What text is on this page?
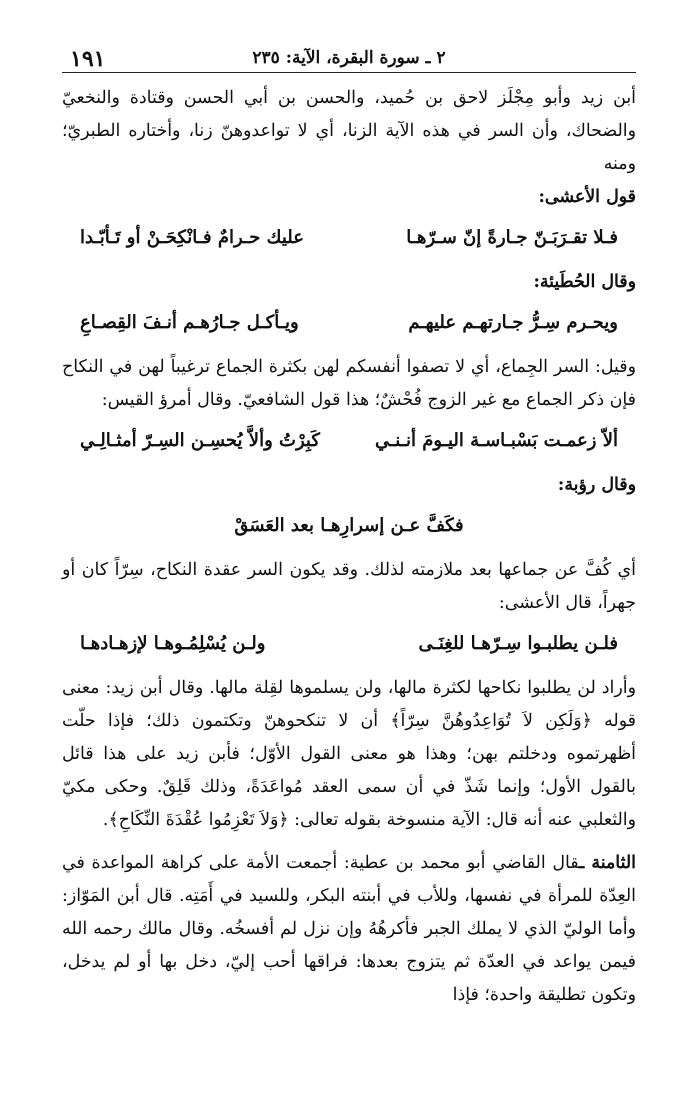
٢ ـ سورة البقرة، الآية: ٢٣٥
١٩١

أبن زيد وأبو مِجْلَز لاحق بن حُميد، والحسن بن أبي الحسن وقتادة والنخعيّ والضحاك، وأن السر في هذه الآية الزنا، أي لا تواعدوهنّ زنا، وأختاره الطبريّ؛ ومنه

قول الأعشى:

فـلا تقـرَبَـنّ جـارةً إنّ سـرّهـا
عليك حـرامٌ فـانْكِحَـنْ أو تَـأبّـدا

وقال الحُطَيئة:

ويحـرم سِـرُّ جـارتهـم عليهـم
ويـأكـل جـارُهـم أنـفَ القِصـاعِ

وقيل: السر الجِماع، أي لا تصفوا أنفسكم لهن بكثرة الجماع ترغيباً لهن في النكاح فإن ذكر الجماع مع غير الزوج فُحْشٌ؛ هذا قول الشافعيّ. وقال أمرؤ القيس:

ألاّ زعمـت بَسْبـاسـة اليـومَ أنـنـي
كَبِرْتُ وألاَّ يُحسِـن السِـرّ أمثـالِـي

وقال رؤبة:

فكَفَّ عـن إسرارِهـا بعد العَسَقْ

أي كُفَّ عن جماعها بعد ملازمته لذلك. وقد يكون السر عقدة النكاح، سِرّاً كان أو جهراً، قال الأعشى:

فلـن يطلبـوا سِـرّهـا للغِنَـى
ولـن يُسْلِمُـوهـا لإزهـادهـا

وأراد لن يطلبوا نكاحها لكثرة مالها، ولن يسلموها لقِلة مالها. وقال أبن زيد: معنى قوله ﴿وَلَكِن لاَ تُوَاعِدُوهُنَّ سِرّاً﴾ أن لا تنكحوهنّ وتكتمون ذلك؛ فإذا حلّت أظهرتموه ودخلتم بهن؛ وهذا هو معنى القول الأوّل؛ فأبن زيد على هذا قائل بالقول الأول؛ وإنما شَذّ في أن سمى العقد مُواعَدَةً، وذلك قَلِقٌ. وحكى مكيّ والثعلبي عنه أنه قال: الآية منسوخة بقوله تعالى: ﴿وَلاَ تَعْزِمُوا عُقْدَةَ النِّكَاحِ﴾.

الثامنة ـقال القاضي أبو محمد بن عطية: أجمعت الأمة على كراهة المواعدة في العِدّة للمرأة في نفسها، وللأب في أبنته البكر، وللسيد في أَمَتِه. قال أبن المَوّاز: وأما الوليّ الذي لا يملك الجبر فأكرهُهُ وإن نزل لم أفسخُه. وقال مالك رحمه الله فيمن يواعد في العدّة ثم يتزوج بعدها: فراقها أحب إليّ، دخل بها أو لم يدخل، وتكون تطليقة واحدة؛ فإذا
